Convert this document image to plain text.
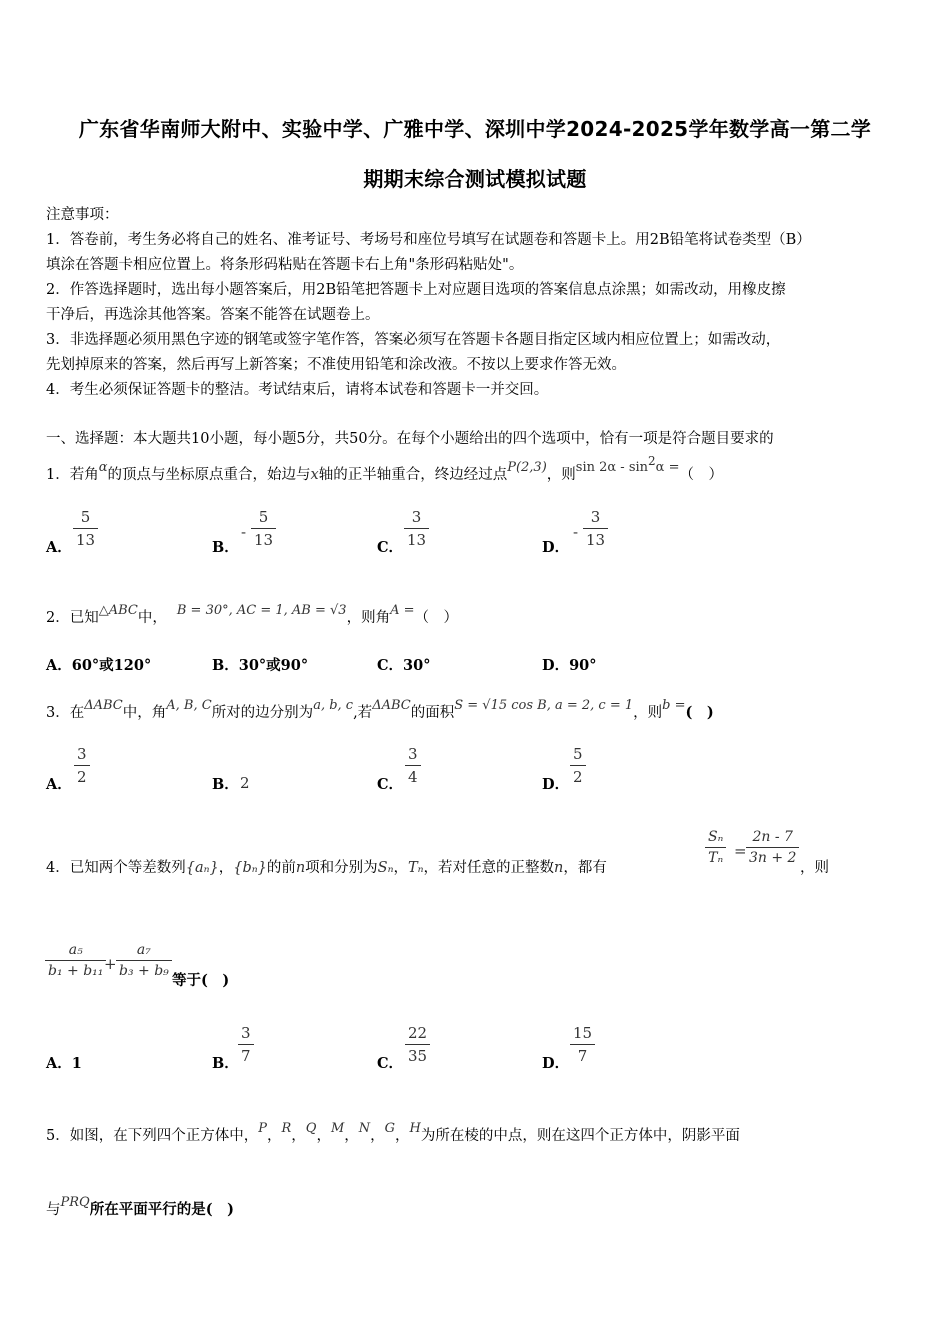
广东省华南师大附中、实验中学、广雅中学、深圳中学2024-2025学年数学高一第二学
期期末综合测试模拟试题
注意事项：
1．答卷前，考生务必将自己的姓名、准考证号、考场号和座位号填写在试题卷和答题卡上。用2B铅笔将试卷类型（B）
填涂在答题卡相应位置上。将条形码粘贴在答题卡右上角"条形码粘贴处"。
2．作答选择题时，选出每小题答案后，用2B铅笔把答题卡上对应题目选项的答案信息点涂黑；如需改动，用橡皮擦
干净后，再选涂其他答案。答案不能答在试题卷上。
3．非选择题必须用黑色字迹的钢笔或签字笔作答，答案必须写在答题卡各题目指定区域内相应位置上；如需改动，
先划掉原来的答案，然后再写上新答案；不准使用铅笔和涂改液。不按以上要求作答无效。
4．考生必须保证答题卡的整洁。考试结束后，请将本试卷和答题卡一并交回。
一、选择题：本大题共10小题，每小题5分，共50分。在每个小题给出的四个选项中，恰有一项是符合题目要求的
1．若角α的顶点与坐标原点重合，始边与x轴的正半轴重合，终边经过点P(2,3)，则sin 2α - sin2α =（　）
A．
5
13	B．
-
5
13	C．
3
13	D．
-
3
13
2．已知△ABC中， B = 30°, AC = 1, AB = √3，则角A =（　）
A．60°或120°	B．30°或90°	C．30°	D．90°
3．在ΔABC中，角A, B, C所对的边分别为a, b, c,若ΔABC的面积S = √15 cos B, a = 2, c = 1，则b =(　)
A．
3
2	B． 2	C．
3
4	D．
5
2
4．已知两个等差数列{aₙ}，{bₙ}的前n项和分别为Sₙ，Tₙ，若对任意的正整数n，都有
Sₙ
Tₙ =
2n - 7
3n + 2
，则
a₅
b₁ + b₁₁ +
a₇
b₃ + b₉
等于(　)
A．1	B．
3
7	C．
22
35	D．
15
7
5．如图，在下列四个正方体中，P，R，Q，M，N，G，H为所在棱的中点，则在这四个正方体中，阴影平面
与PRQ所在平面平行的是(　)
